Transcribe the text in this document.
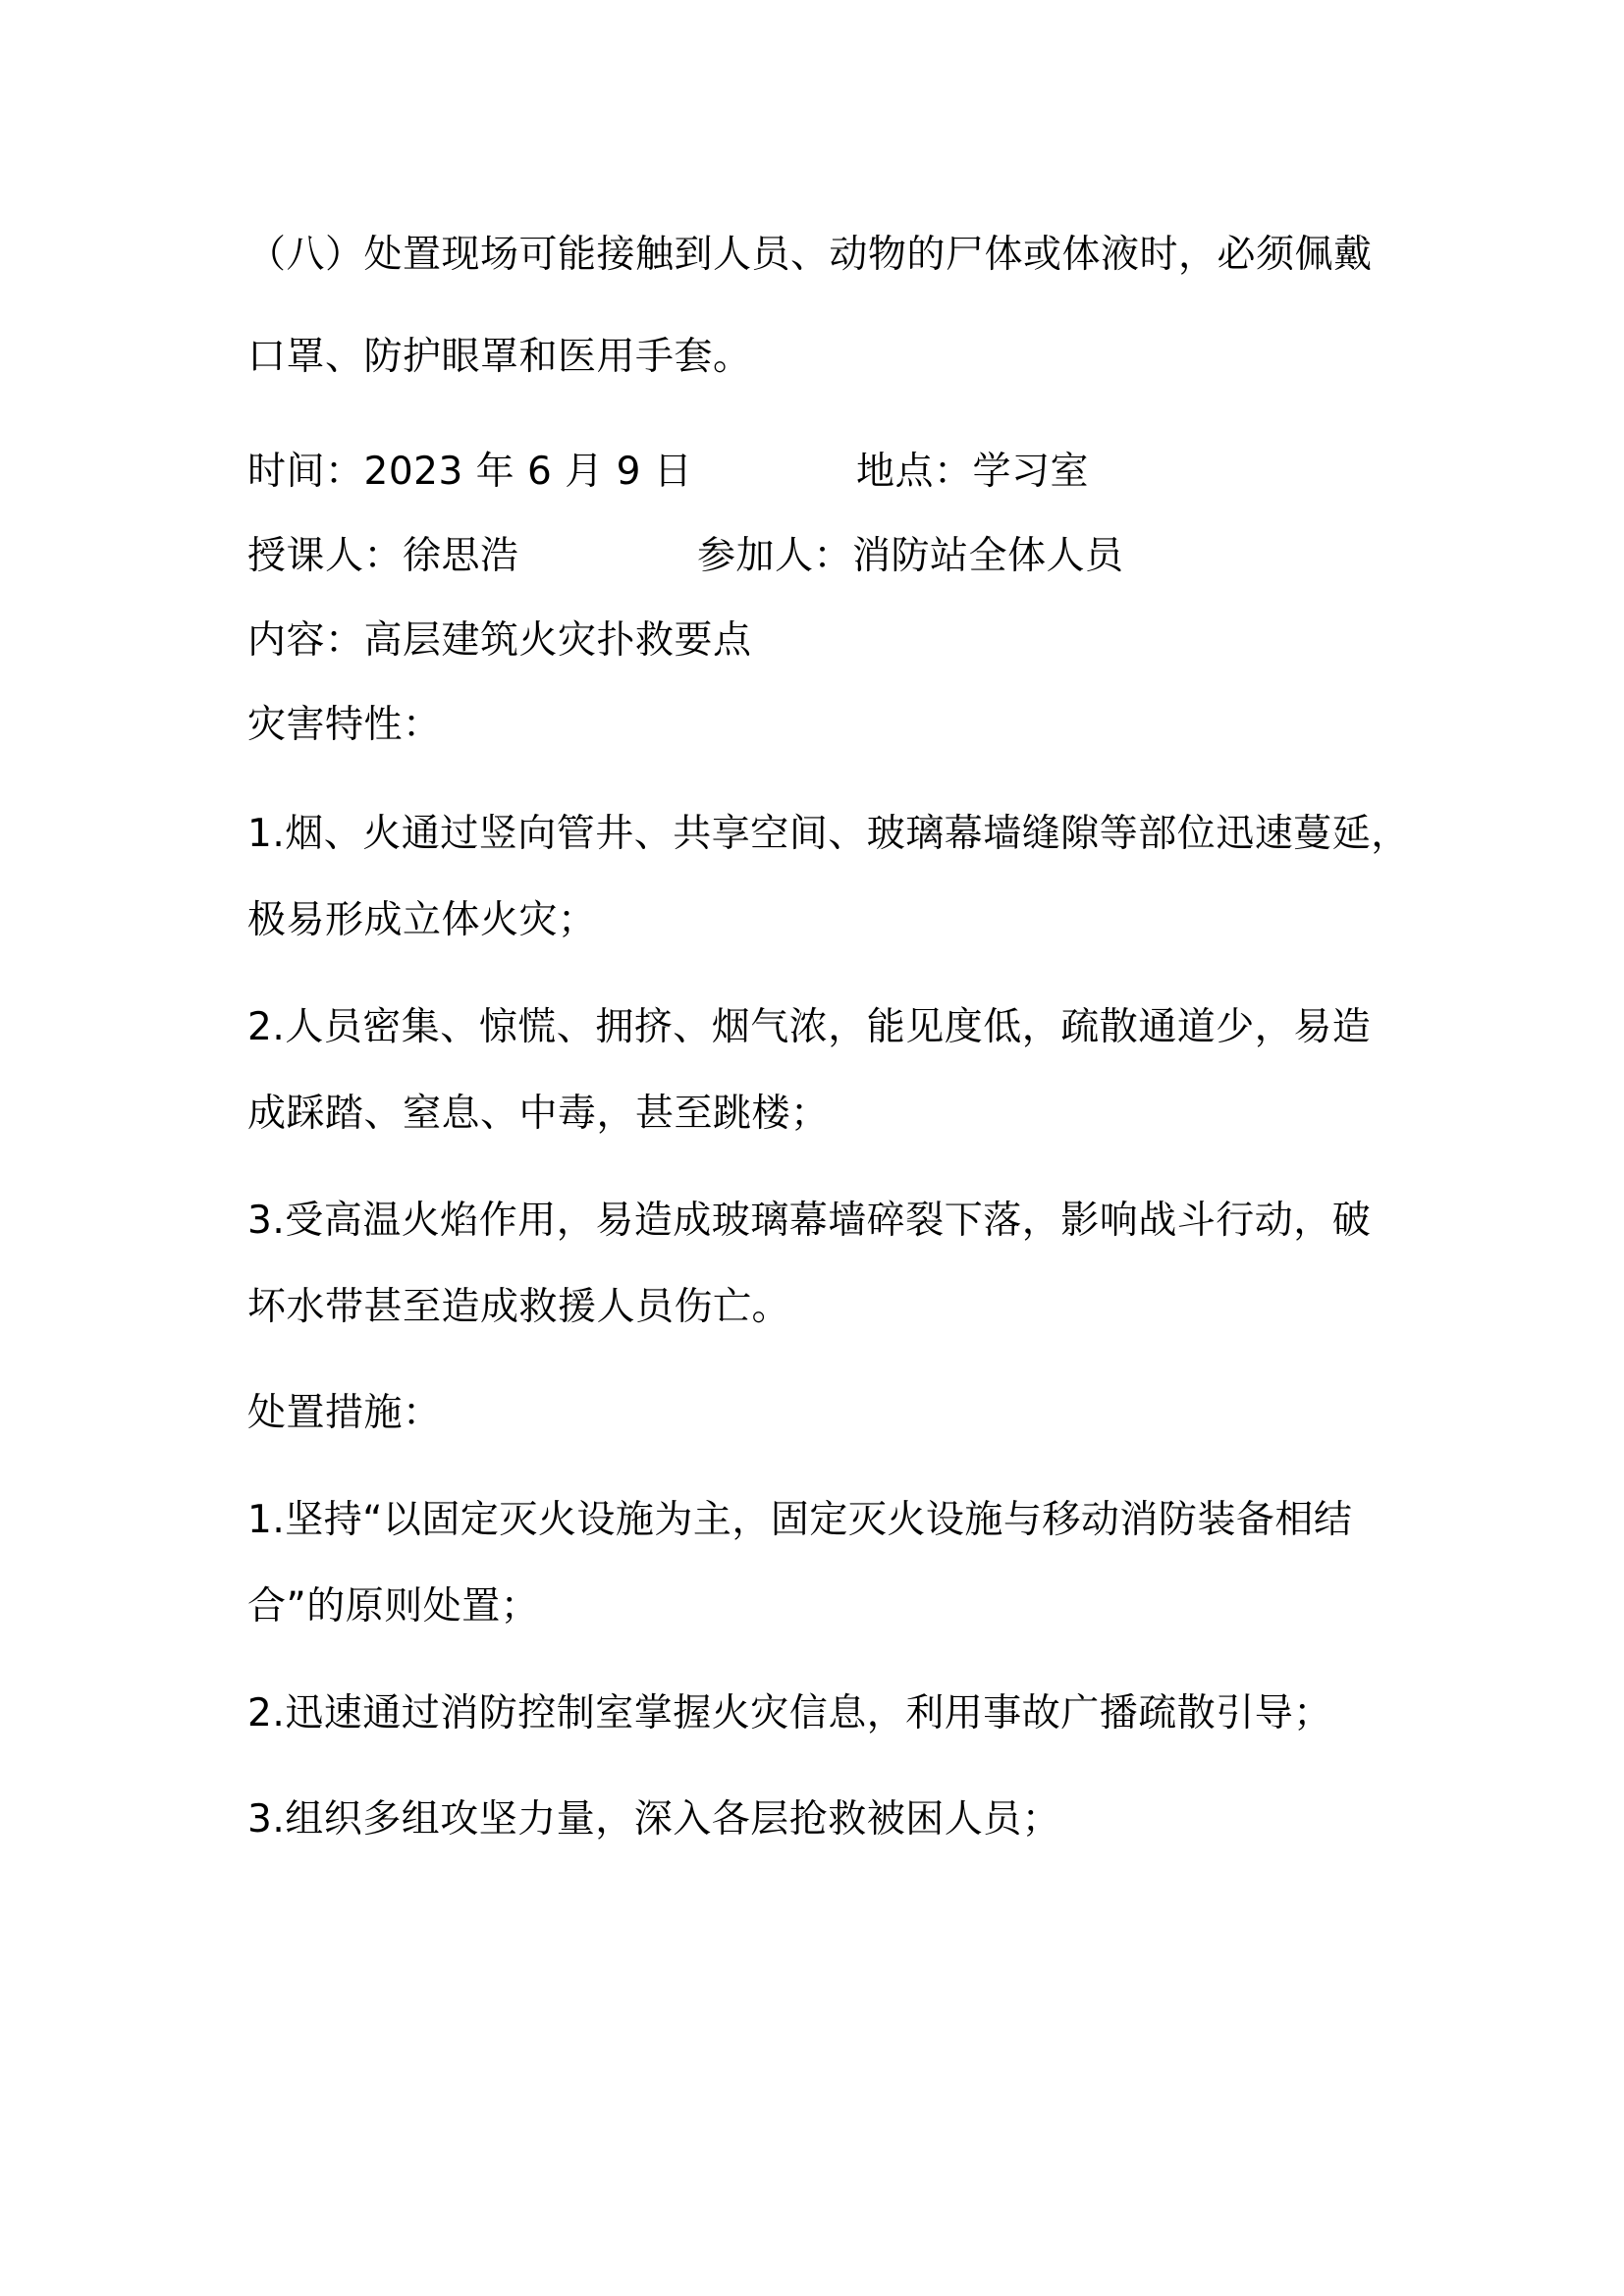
（八）处置现场可能接触到人员、动物的尸体或体液时，必须佩戴
口罩、防护眼罩和医用手套。
时间：2023 年 6 月 9 日	地点：学习室
授课人：徐思浩	参加人：消防站全体人员
内容：高层建筑火灾扑救要点
灾害特性：
1.烟、火通过竖向管井、共享空间、玻璃幕墙缝隙等部位迅速蔓延，
极易形成立体火灾；
2.人员密集、惊慌、拥挤、烟气浓，能见度低，疏散通道少，易造
成踩踏、窒息、中毒，甚至跳楼；
3.受高温火焰作用，易造成玻璃幕墙碎裂下落，影响战斗行动，破
坏水带甚至造成救援人员伤亡。
处置措施：
1.坚持“以固定灭火设施为主，固定灭火设施与移动消防装备相结
合”的原则处置；
2.迅速通过消防控制室掌握火灾信息，利用事故广播疏散引导；
3.组织多组攻坚力量，深入各层抢救被困人员；
